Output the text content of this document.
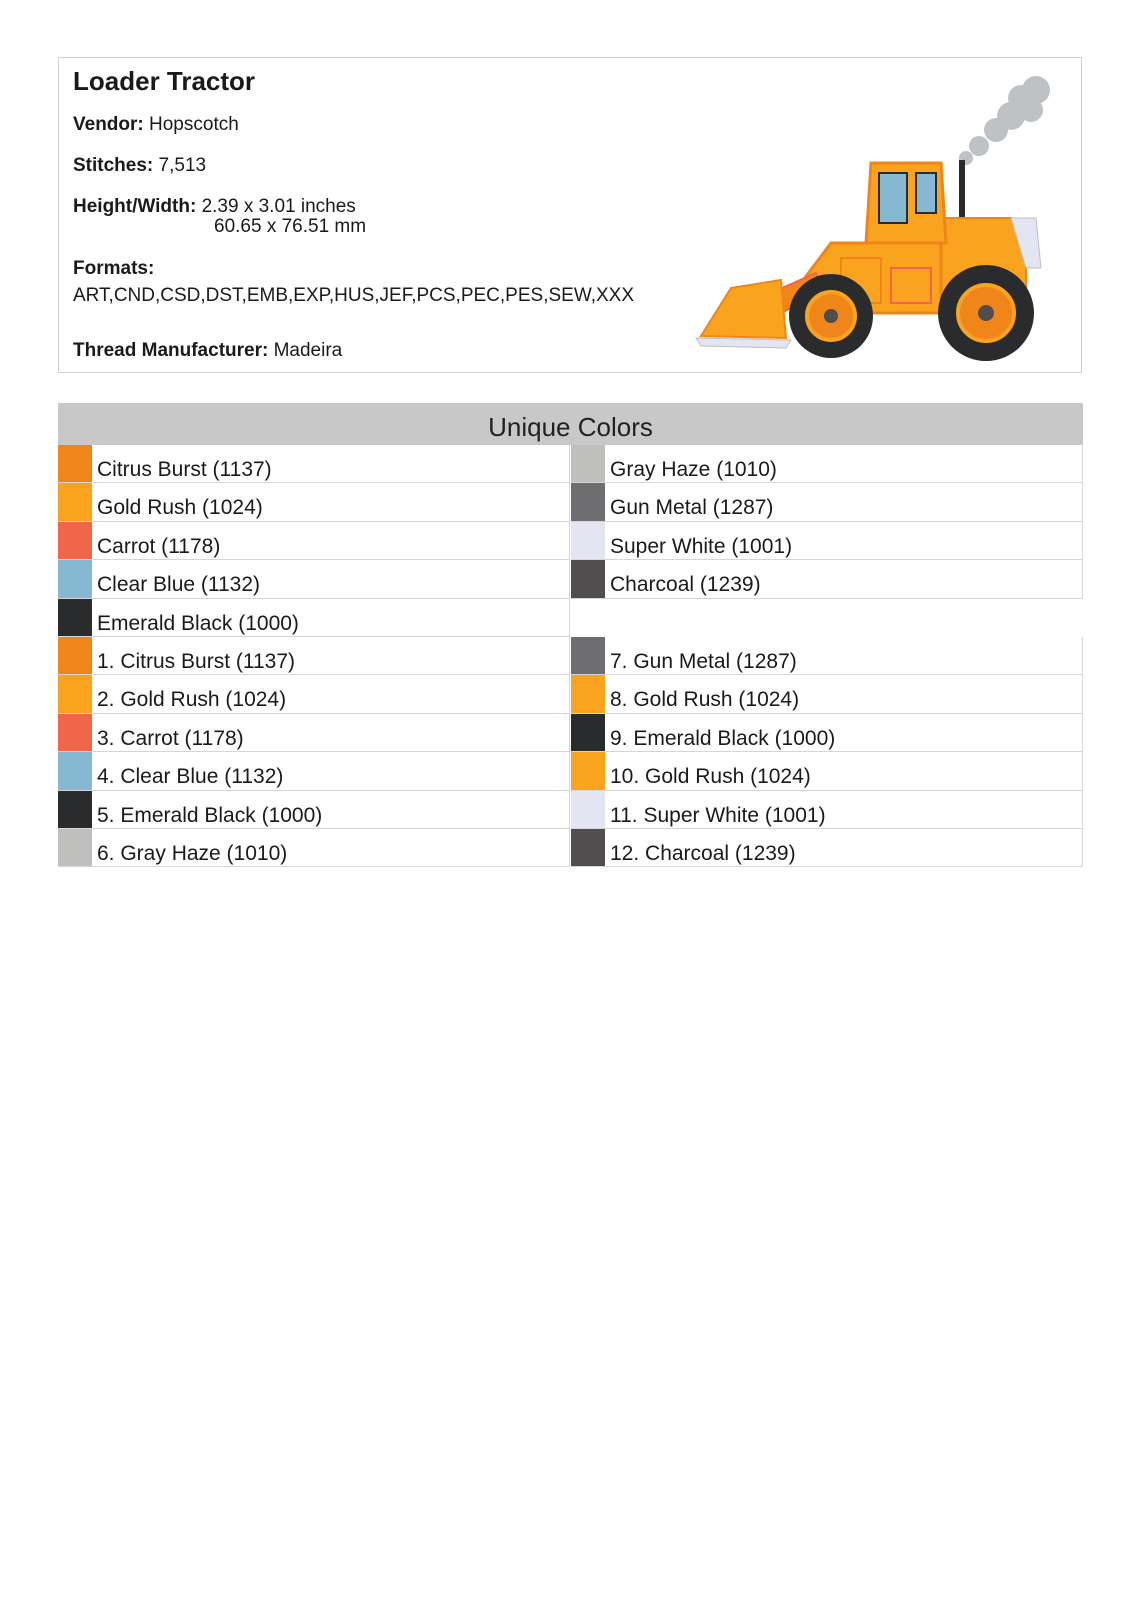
Loader Tractor
Vendor: Hopscotch
Stitches: 7,513
Height/Width: 2.39 x 3.01 inches
60.65 x 76.51 mm
Formats:
ART,CND,CSD,DST,EMB,EXP,HUS,JEF,PCS,PEC,PES,SEW,XXX
Thread Manufacturer: Madeira
Unique Colors
Citrus Burst (1137)	Gray Haze (1010)
Gold Rush (1024)	Gun Metal (1287)
Carrot (1178)	Super White (1001)
Clear Blue (1132)	Charcoal (1239)
Emerald Black (1000)
1. Citrus Burst (1137)	7. Gun Metal (1287)
2. Gold Rush (1024)	8. Gold Rush (1024)
3. Carrot (1178)	9. Emerald Black (1000)
4. Clear Blue (1132)	10. Gold Rush (1024)
5. Emerald Black (1000)	11. Super White (1001)
6. Gray Haze (1010)	12. Charcoal (1239)
